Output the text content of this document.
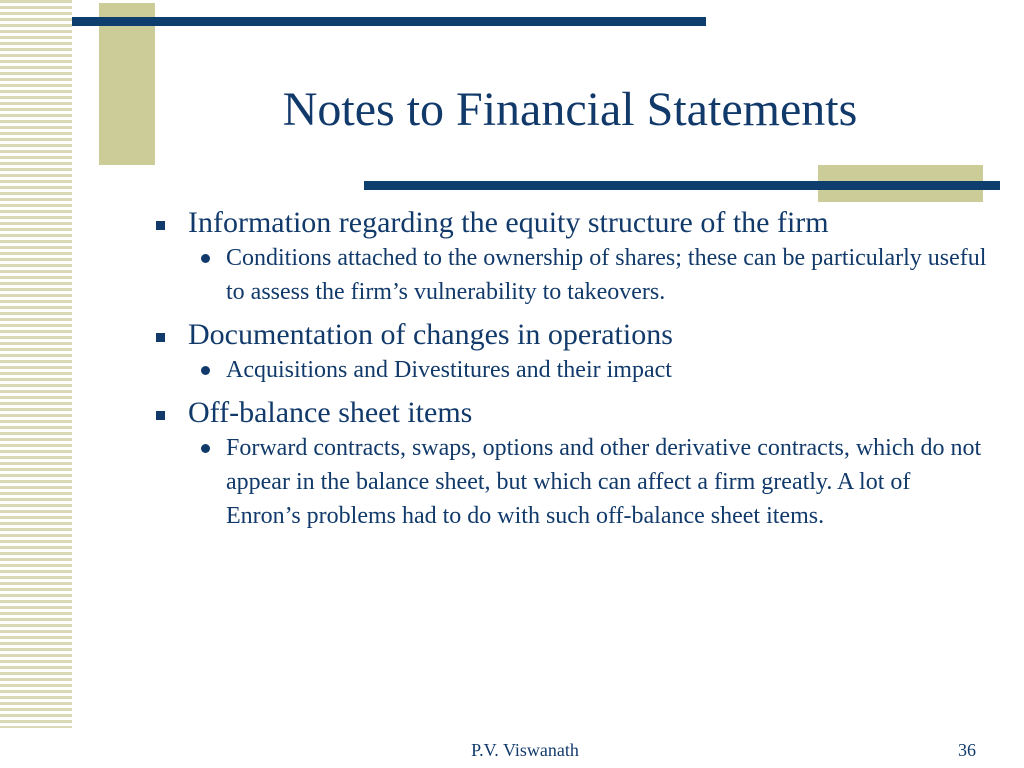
Notes to Financial Statements
Information regarding the equity structure of the firm
Conditions attached to the ownership of shares; these can be particularly useful to assess the firm’s vulnerability to takeovers.
Documentation of changes in operations
Acquisitions and Divestitures and their impact
Off-balance sheet items
Forward contracts, swaps, options and other derivative contracts, which do not appear in the balance sheet, but which can affect a firm greatly. A lot of Enron’s problems had to do with such off-balance sheet items.
P.V. Viswanath	36
